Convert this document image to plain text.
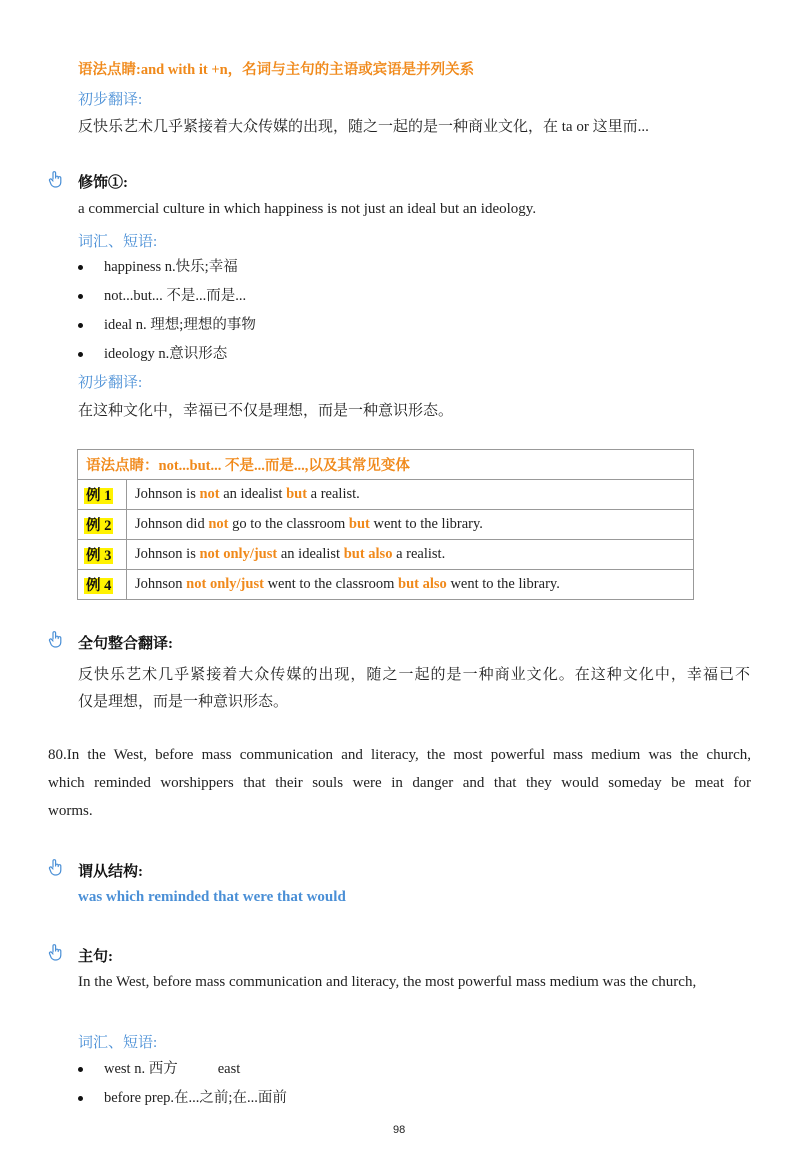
语法点睛:and with it +n，名词与主句的主语或宾语是并列关系
初步翻译:
反快乐艺术几乎紧接着大众传媒的出现，随之一起的是一种商业文化，在 ta or 这里而...
修饰①:
a commercial culture in which happiness is not just an ideal but an ideology.
词汇、短语:
happiness n.快乐;幸福
not...but... 不是...而是...
ideal n. 理想;理想的事物
ideology n.意识形态
初步翻译:
在这种文化中，幸福已不仅是理想，而是一种意识形态。
语法点睛：not...but... 不是...而是...,以及其常见变体	
例 1	Johnson is not an idealist but a realist.
例 2	Johnson did not go to the classroom but went to the library.
例 3	Johnson is not only/just an idealist but also a realist.
例 4	Johnson not only/just went to the classroom but also went to the library.
全句整合翻译:
反快乐艺术几乎紧接着大众传媒的出现，随之一起的是一种商业文化。在这种文化中，幸福已不
仅是理想，而是一种意识形态。
80.In the West, before mass communication and literacy, the most powerful mass medium was the church,
which reminded worshippers that their souls were in danger and that they would someday be meat for
worms.
谓从结构:
was which reminded that were that would
主句:
In the West, before mass communication and literacy, the most powerful mass medium was the church,
词汇、短语:
west n. 西方	east
before prep.在...之前;在...面前
98
